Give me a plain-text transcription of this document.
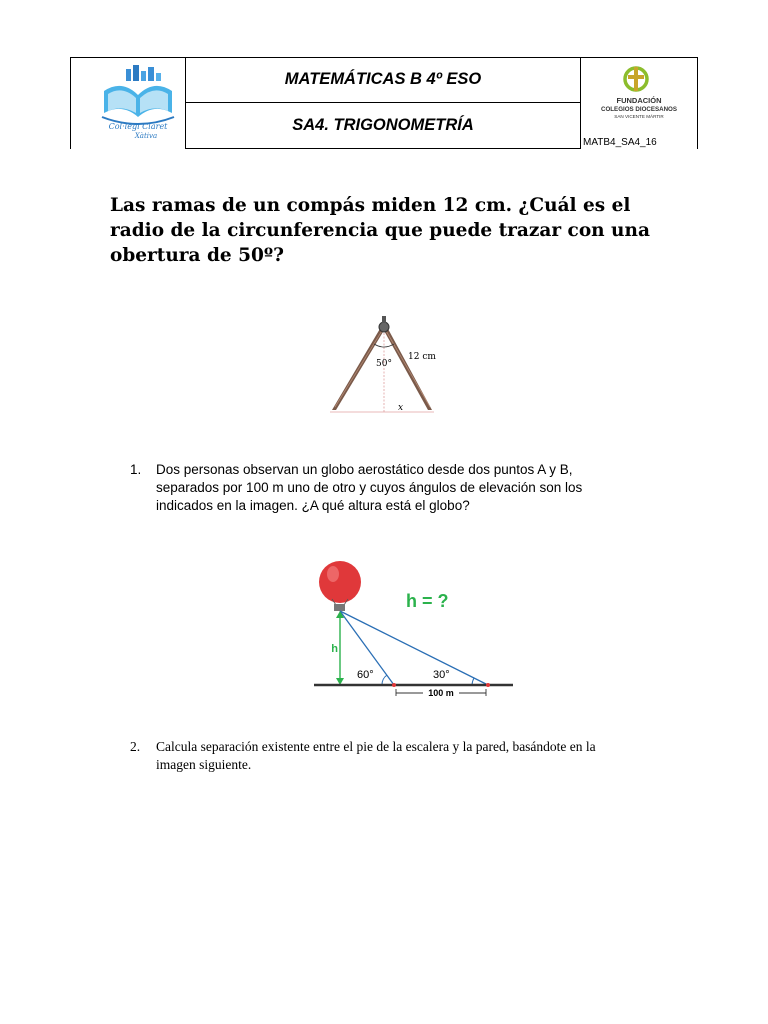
Col·legi Claret
Xàtiva
MATEMÁTICAS B 4º ESO
SA4. TRIGONOMETRÍA
FUNDACIÓN
COLEGIOS DIOCESANOS
SAN VICENTE MÁRTIR
MATB4_SA4_16
Las ramas de un compás miden 12 cm. ¿Cuál es el radio de la circunferencia que puede trazar con una obertura de 50º?
50°
12 cm
x
1. Dos personas observan un globo aerostático desde dos puntos A y B, separados por 100 m uno de otro y cuyos ángulos de elevación son los indicados en la imagen. ¿A qué altura está el globo?
h
h = ?
60°	30°
100 m
2. Calcula separación existente entre el pie de la escalera y la pared, basándote en la imagen siguiente.
